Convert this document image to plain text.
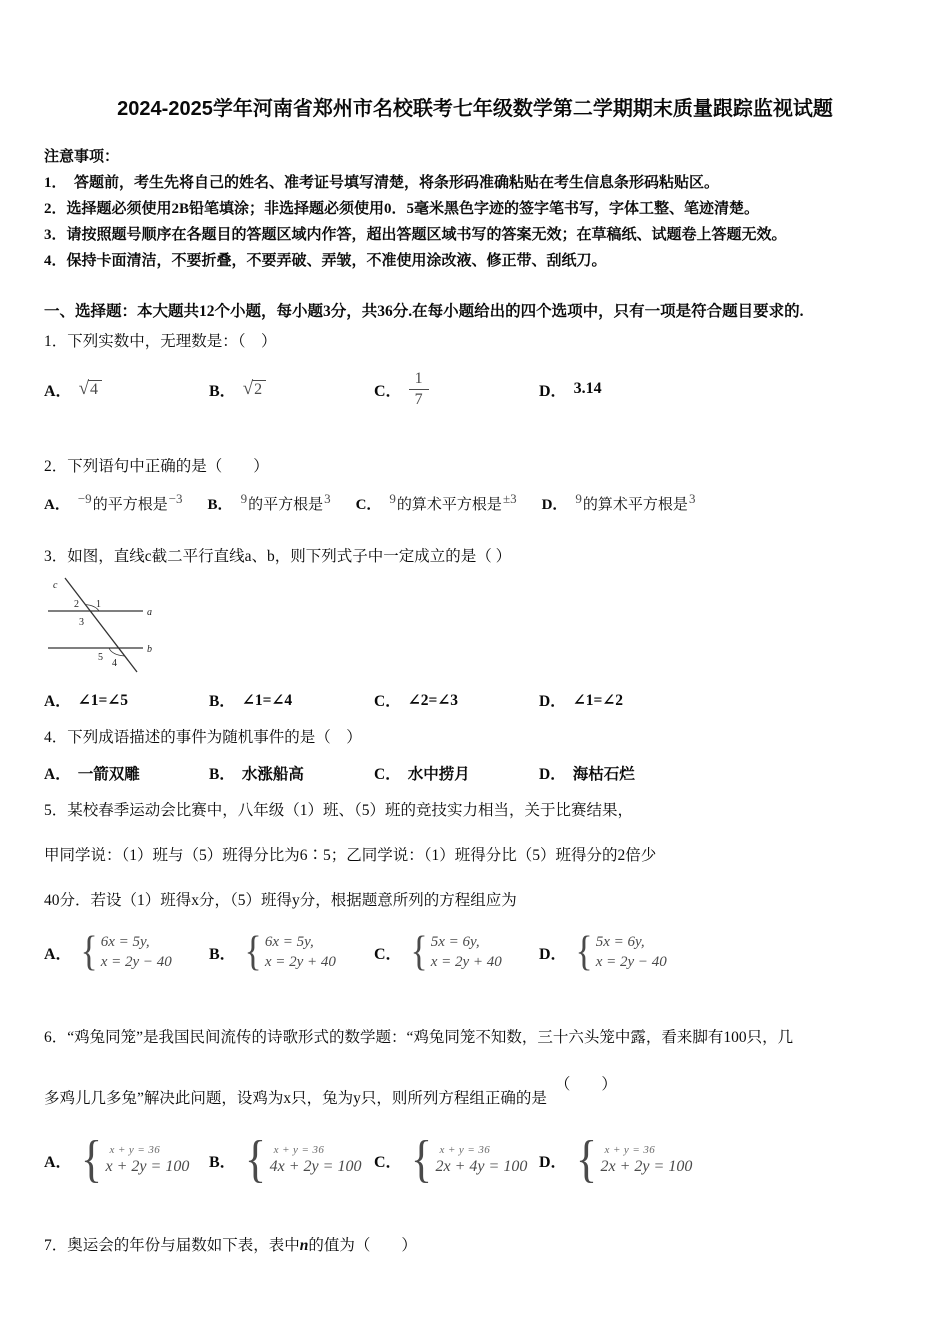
2024-2025学年河南省郑州市名校联考七年级数学第二学期期末质量跟踪监视试题

注意事项：

1．　答题前，考生先将自己的姓名、准考证号填写清楚，将条形码准确粘贴在考生信息条形码粘贴区。

2．选择题必须使用2B铅笔填涂；非选择题必须使用0．5毫米黑色字迹的签字笔书写，字体工整、笔迹清楚。

3．请按照题号顺序在各题目的答题区域内作答，超出答题区域书写的答案无效；在草稿纸、试题卷上答题无效。

4．保持卡面清洁，不要折叠，不要弄破、弄皱，不准使用涂改液、修正带、刮纸刀。

一、选择题：本大题共12个小题，每小题3分，共36分.在每小题给出的四个选项中，只有一项是符合题目要求的.

1．下列实数中，无理数是：（　）

A． √	4	B． √	2	C． $\frac{1}{7}$	D． 3.14

2．下列语句中正确的是（　　）

A． −9的平方根是−3 B． 9的平方根是3 C． 9的算术平方根是±3 D． 9的算术平方根是3

3．如图，直线c截二平行直线a、b，则下列式子中一定成立的是（ ）

c
a
b
2 1
3
5
4
A． ∠1=∠5	B． ∠1=∠4	C． ∠2=∠3	D． ∠1=∠2

4．下列成语描述的事件为随机事件的是（　）

A． 一箭双雕	B． 水涨船高	C． 水中捞月	D． 海枯石烂

5．某校春季运动会比赛中，八年级（1）班、（5）班的竞技实力相当，关于比赛结果，

甲同学说：（1）班与（5）班得分比为6∶5；乙同学说：（1）班得分比（5）班得分的2倍少

40分．若设（1）班得x分，（5）班得y分，根据题意所列的方程组应为

A．
{
6x = 5y,
x = 2y − 40 B．
{
6x = 5y,
x = 2y + 40 C．
{
5x = 6y,
x = 2y + 40 D．
{
5x = 6y,
x = 2y − 40

6．“鸡兔同笼”是我国民间流传的诗歌形式的数学题：“鸡兔同笼不知数，三十六头笼中露，看来脚有100只，几

多鸡儿几多兔”解决此问题，设鸡为x只，兔为y只，则所列方程组正确的是（　　）

A．
{
x + y = 36
x + 2y = 100 B．
{
x + y = 36
4x + 2y = 100 C．
{
x + y = 36
2x + 4y = 100 D．
{
x + y = 36
2x + 2y = 100

7．奥运会的年份与届数如下表，表中n的值为（　　）
